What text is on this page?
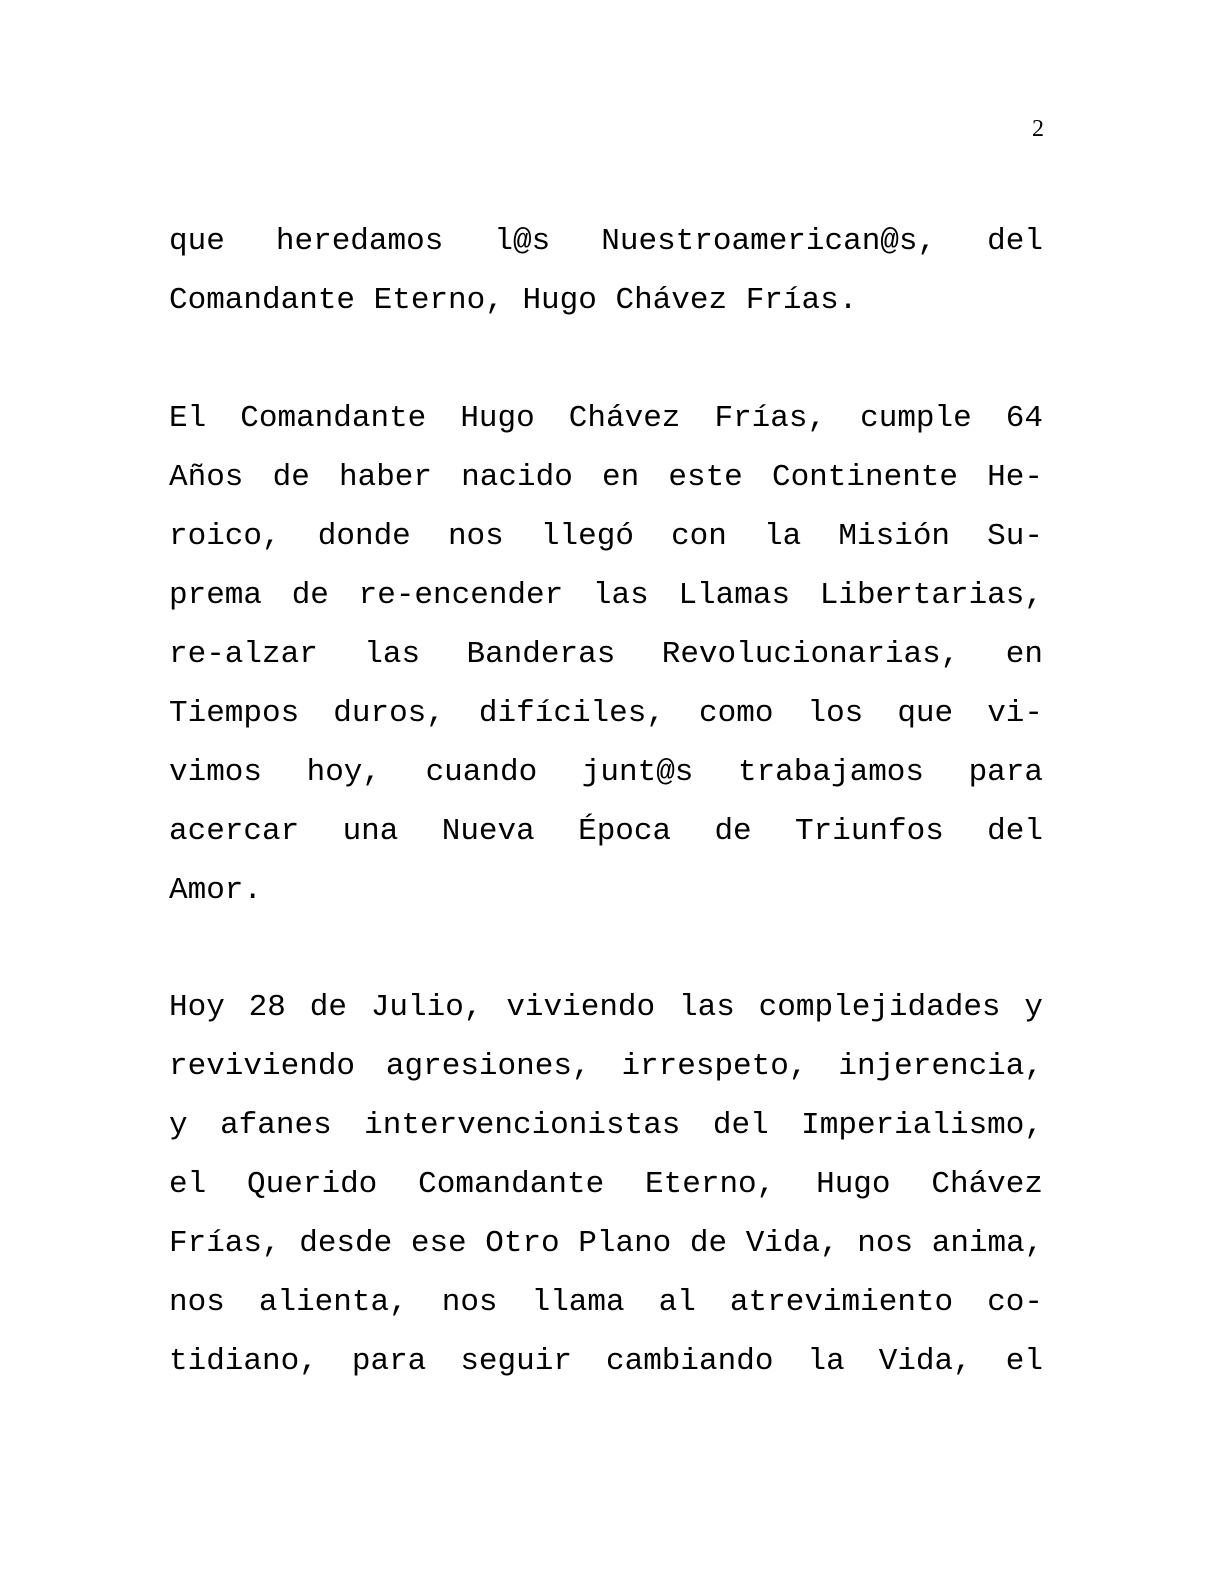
2
que heredamos l@s Nuestroamerican@s, del
Comandante Eterno, Hugo Chávez Frías.
El Comandante Hugo Chávez Frías, cumple 64
Años de haber nacido en este Continente He-
roico, donde nos llegó con la Misión Su-
prema de re-encender las Llamas Libertarias,
re-alzar las Banderas Revolucionarias, en
Tiempos duros, difíciles, como los que vi-
vimos hoy, cuando junt@s trabajamos para
acercar una Nueva Época de Triunfos del
Amor.
Hoy 28 de Julio, viviendo las complejidades y
reviviendo agresiones, irrespeto, injerencia,
y afanes intervencionistas del Imperialismo,
el Querido Comandante Eterno, Hugo Chávez
Frías, desde ese Otro Plano de Vida, nos anima,
nos alienta, nos llama al atrevimiento co-
tidiano, para seguir cambiando la Vida, el
